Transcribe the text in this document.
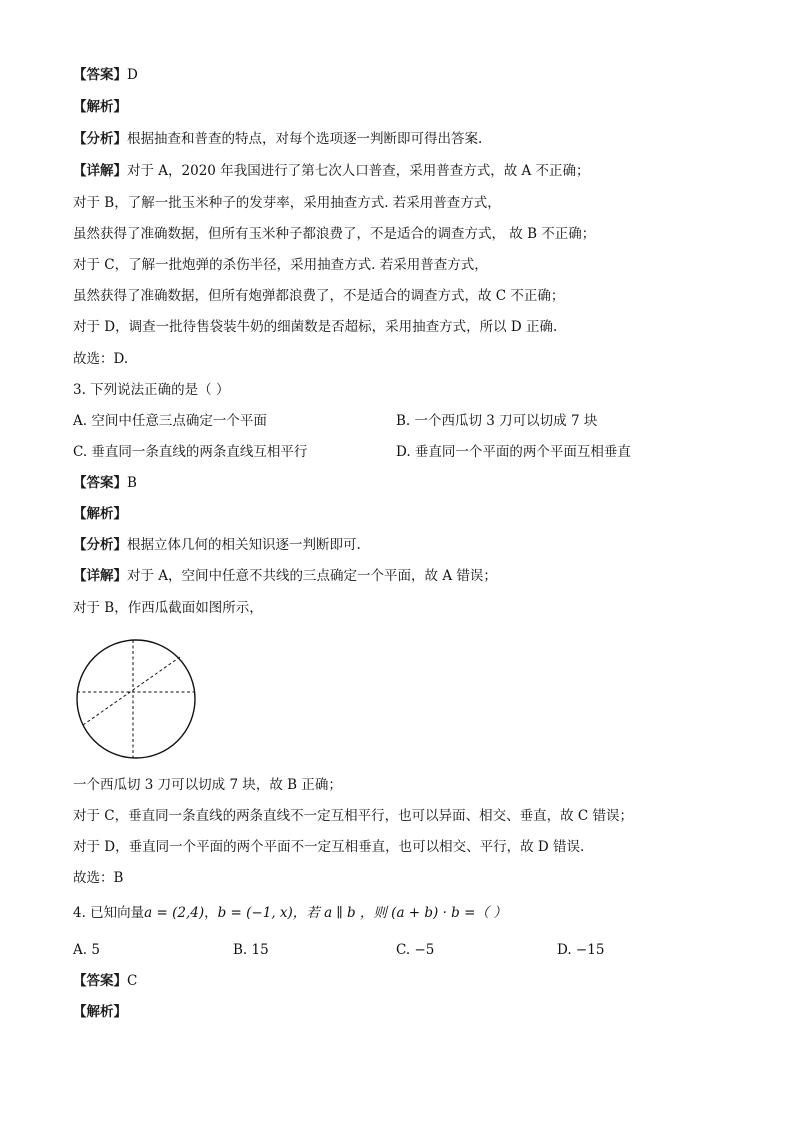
【答案】D
【解析】
【分析】根据抽查和普查的特点，对每个选项逐一判断即可得出答案.
【详解】对于 A，2020 年我国进行了第七次人口普查，采用普查方式，故 A 不正确；
对于 B，了解一批玉米种子的发芽率，采用抽查方式. 若采用普查方式，
虽然获得了准确数据，但所有玉米种子都浪费了，不是适合的调查方式， 故 B 不正确；
对于 C，了解一批炮弹的杀伤半径，采用抽查方式. 若采用普查方式，
虽然获得了准确数据，但所有炮弹都浪费了，不是适合的调查方式，故 C 不正确；
对于 D，调查一批待售袋装牛奶的细菌数是否超标，采用抽查方式，所以 D 正确.
故选：D.
3. 下列说法正确的是（ ）
A. 空间中任意三点确定一个平面	B. 一个西瓜切 3 刀可以切成 7 块
C. 垂直同一条直线的两条直线互相平行	D. 垂直同一个平面的两个平面互相垂直
【答案】B
【解析】
【分析】根据立体几何的相关知识逐一判断即可.
【详解】对于 A，空间中任意不共线的三点确定一个平面，故 A 错误；
对于 B，作西瓜截面如图所示，
一个西瓜切 3 刀可以切成 7 块，故 B 正确；
对于 C，垂直同一条直线的两条直线不一定互相平行，也可以异面、相交、垂直，故 C 错误；
对于 D，垂直同一个平面的两个平面不一定互相垂直，也可以相交、平行，故 D 错误.
故选：B
4. 已知向量a = (2,4)，b = (−1, x)，若 a ∥ b ，则 (a + b) · b =（ ）
A. 5	B. 15	C. −5	D. −15
【答案】C
【解析】
